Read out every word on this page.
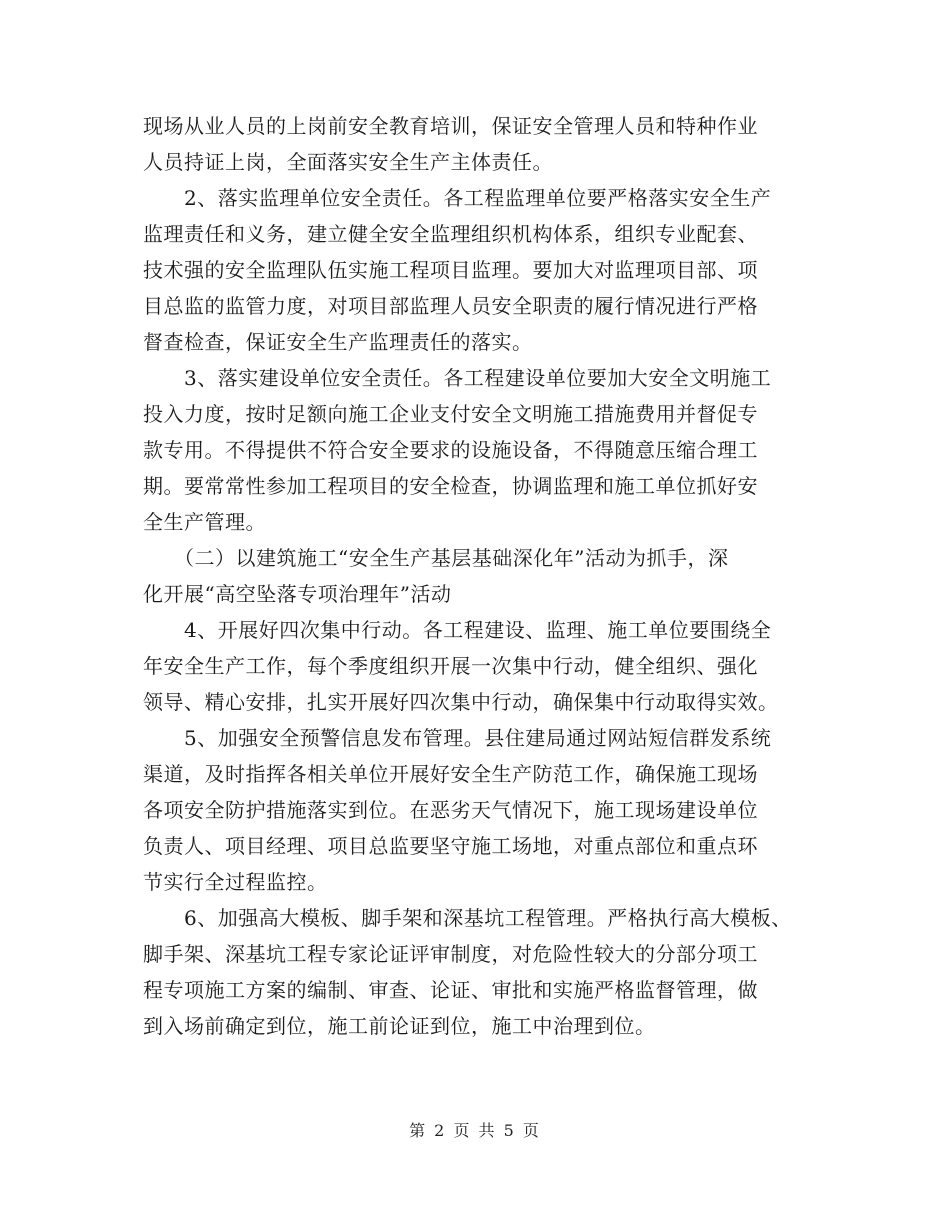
现场从业人员的上岗前安全教育培训，保证安全管理人员和特种作业
人员持证上岗，全面落实安全生产主体责任。
　　2、落实监理单位安全责任。各工程监理单位要严格落实安全生产
监理责任和义务，建立健全安全监理组织机构体系，组织专业配套、
技术强的安全监理队伍实施工程项目监理。要加大对监理项目部、项
目总监的监管力度，对项目部监理人员安全职责的履行情况进行严格
督查检查，保证安全生产监理责任的落实。
　　3、落实建设单位安全责任。各工程建设单位要加大安全文明施工
投入力度，按时足额向施工企业支付安全文明施工措施费用并督促专
款专用。不得提供不符合安全要求的设施设备，不得随意压缩合理工
期。要常常性参加工程项目的安全检查，协调监理和施工单位抓好安
全生产管理。
　　（二）以建筑施工“安全生产基层基础深化年”活动为抓手，深
化开展“高空坠落专项治理年”活动
　　4、开展好四次集中行动。各工程建设、监理、施工单位要围绕全
年安全生产工作，每个季度组织开展一次集中行动，健全组织、强化
领导、精心安排，扎实开展好四次集中行动，确保集中行动取得实效。
　　5、加强安全预警信息发布管理。县住建局通过网站短信群发系统
渠道，及时指挥各相关单位开展好安全生产防范工作，确保施工现场
各项安全防护措施落实到位。在恶劣天气情况下，施工现场建设单位
负责人、项目经理、项目总监要坚守施工场地，对重点部位和重点环
节实行全过程监控。
　　6、加强高大模板、脚手架和深基坑工程管理。严格执行高大模板、
脚手架、深基坑工程专家论证评审制度，对危险性较大的分部分项工
程专项施工方案的编制、审查、论证、审批和实施严格监督管理，做
到入场前确定到位，施工前论证到位，施工中治理到位。
第 2 页 共 5 页
